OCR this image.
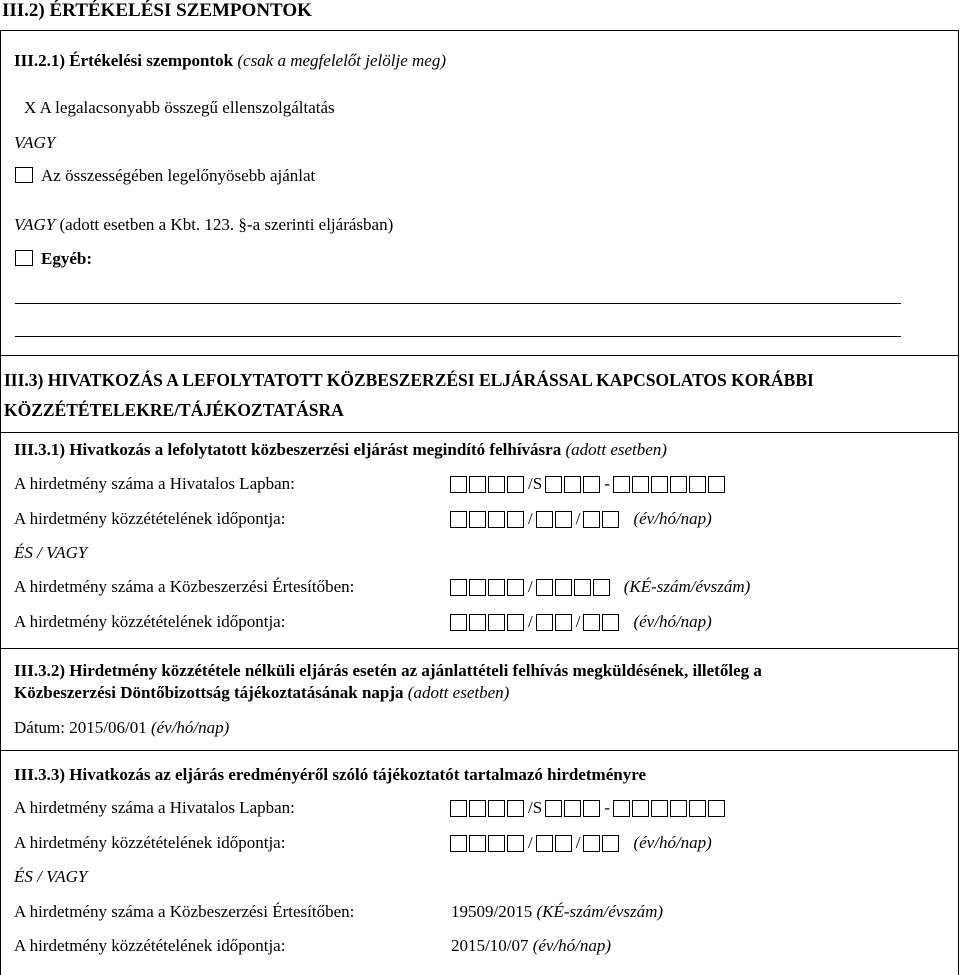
III.2) ÉRTÉKELÉSI SZEMPONTOK
III.2.1) Értékelési szempontok (csak a megfelelőt jelölje meg)
X A legalacsonyabb összegű ellenszolgáltatás
VAGY
Az összességében legelőnyösebb ajánlat
VAGY (adott esetben a Kbt. 123. §-a szerinti eljárásban)
Egyéb:
III.3) HIVATKOZÁS A LEFOLYTATOTT KÖZBESZERZÉSI ELJÁRÁSSAL KAPCSOLATOS KORÁBBI
KÖZZÉTÉTELEKRE/TÁJÉKOZTATÁSRA
III.3.1) Hivatkozás a lefolytatott közbeszerzési eljárást megindító felhívásra (adott esetben)
A hirdetmény száma a Hivatalos Lapban:	/S	-
A hirdetmény közzétételének időpontja:	/	/	(év/hó/nap)
ÉS / VAGY
A hirdetmény száma a Közbeszerzési Értesítőben:	/	(KÉ-szám/évszám)
A hirdetmény közzétételének időpontja:	/	/	(év/hó/nap)
III.3.2) Hirdetmény közzététele nélküli eljárás esetén az ajánlattételi felhívás megküldésének, illetőleg a
Közbeszerzési Döntőbizottság tájékoztatásának napja (adott esetben)
Dátum: 2015/06/01 (év/hó/nap)
III.3.3) Hivatkozás az eljárás eredményéről szóló tájékoztatót tartalmazó hirdetményre
A hirdetmény száma a Hivatalos Lapban:	/S	-
A hirdetmény közzétételének időpontja:	/	/	(év/hó/nap)
ÉS / VAGY
A hirdetmény száma a Közbeszerzési Értesítőben:	19509/2015 (KÉ-szám/évszám)
A hirdetmény közzétételének időpontja:	2015/10/07 (év/hó/nap)
